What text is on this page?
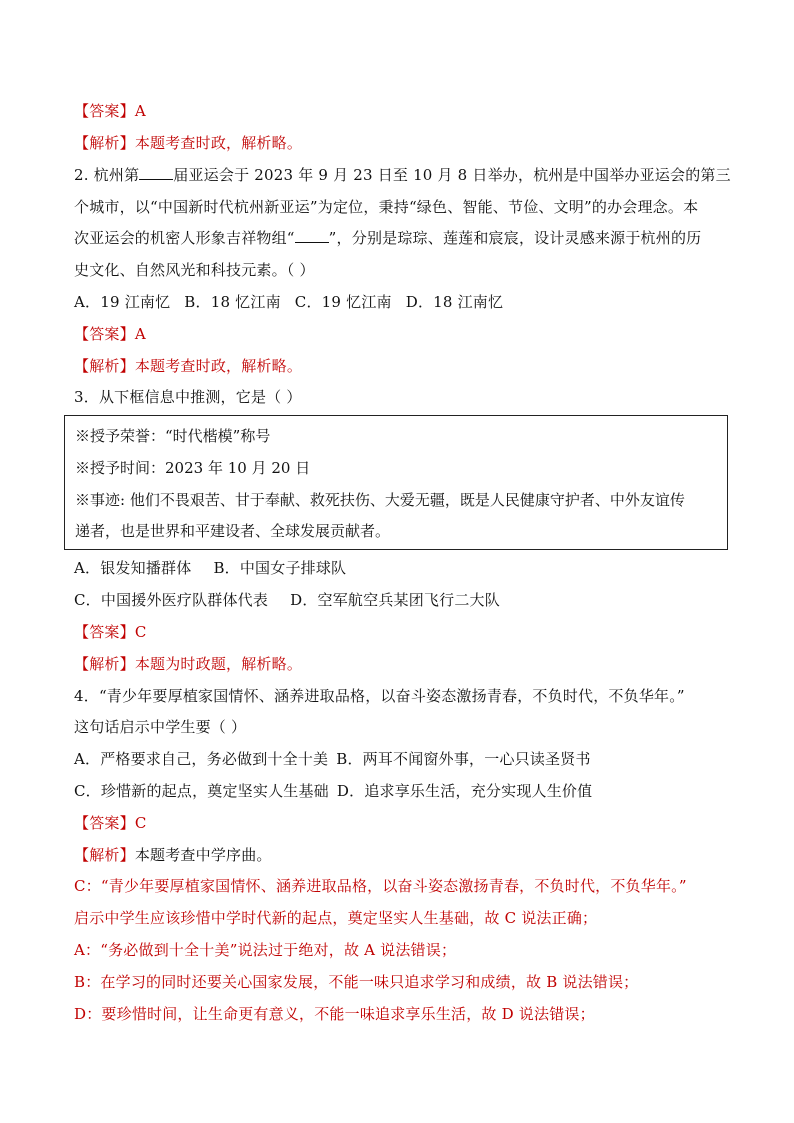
【答案】A
【解析】本题考查时政，解析略。
2. 杭州第 届亚运会于 2023 年 9 月 23 日至 10 月 8 日举办，杭州是中国举办亚运会的第三
个城市，以“中国新时代杭州新亚运”为定位，秉持“绿色、智能、节俭、文明”的办会理念。本
次亚运会的机密人形象吉祥物组“ ”，分别是琮琮、莲莲和宸宸，设计灵感来源于杭州的历
史文化、自然风光和科技元素。（ ）
A．19 江南忆 B．18 忆江南 C．19 忆江南 D．18 江南忆
【答案】A
【解析】本题考查时政，解析略。
3．从下框信息中推测，它是（ ）
※授予荣誉：“时代楷模”称号
※授予时间：2023 年 10 月 20 日
※事迹: 他们不畏艰苦、甘于奉献、救死扶伤、大爱无疆，既是人民健康守护者、中外友谊传
递者，也是世界和平建设者、全球发展贡献者。
A．银发知播群体 B．中国女子排球队
C．中国援外医疗队群体代表 D．空军航空兵某团飞行二大队
【答案】C
【解析】本题为时政题，解析略。
4．“青少年要厚植家国情怀、涵养进取品格，以奋斗姿态激扬青春，不负时代，不负华年。”
这句话启示中学生要（ ）
A．严格要求自己，务必做到十全十美 B．两耳不闻窗外事，一心只读圣贤书
C．珍惜新的起点，奠定坚实人生基础 D．追求享乐生活，充分实现人生价值
【答案】C
【解析】本题考查中学序曲。
C：“青少年要厚植家国情怀、涵养进取品格，以奋斗姿态激扬青春，不负时代，不负华年。”
启示中学生应该珍惜中学时代新的起点，奠定坚实人生基础，故 C 说法正确；
A：“务必做到十全十美”说法过于绝对，故 A 说法错误；
B：在学习的同时还要关心国家发展，不能一味只追求学习和成绩，故 B 说法错误；
D：要珍惜时间，让生命更有意义，不能一味追求享乐生活，故 D 说法错误；
